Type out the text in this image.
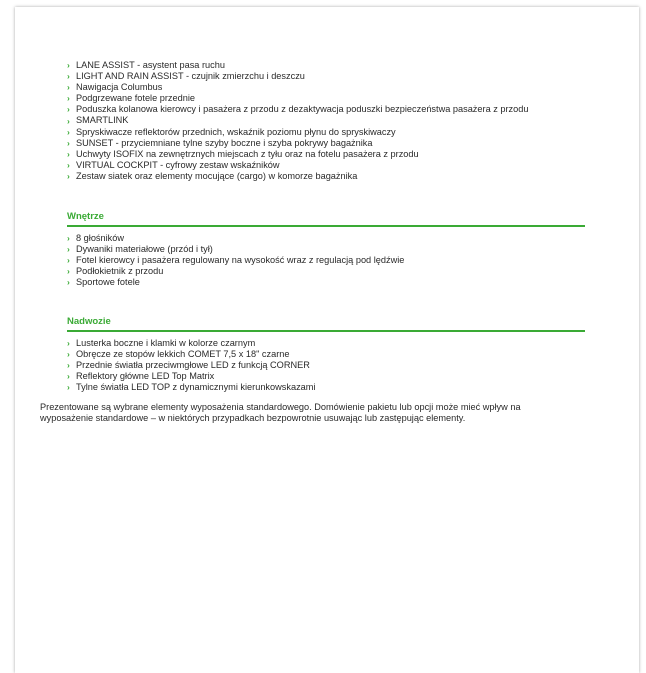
› LANE ASSIST - asystent pasa ruchu
› LIGHT AND RAIN ASSIST - czujnik zmierzchu i deszczu
› Nawigacja Columbus
› Podgrzewane fotele przednie
› Poduszka kolanowa kierowcy i pasażera z przodu z dezaktywacja poduszki bezpieczeństwa pasażera z przodu
› SMARTLINK
› Spryskiwacze reflektorów przednich, wskaźnik poziomu płynu do spryskiwaczy
› SUNSET - przyciemniane tylne szyby boczne i szyba pokrywy bagażnika
› Uchwyty ISOFIX na zewnętrznych miejscach z tyłu oraz na fotelu pasażera z przodu
› VIRTUAL COCKPIT - cyfrowy zestaw wskaźników
› Zestaw siatek oraz elementy mocujące (cargo) w komorze bagażnika
Wnętrze
› 8 głośników
› Dywaniki materiałowe (przód i tył)
› Fotel kierowcy i pasażera regulowany na wysokość wraz z regulacją pod lędźwie
› Podłokietnik z przodu
› Sportowe fotele
Nadwozie
› Lusterka boczne i klamki w kolorze czarnym
› Obręcze ze stopów lekkich COMET 7,5 x 18" czarne
› Przednie światła przeciwmgłowe LED z funkcją CORNER
› Reflektory główne LED Top Matrix
› Tylne światła LED TOP z dynamicznymi kierunkowskazami

Prezentowane są wybrane elementy wyposażenia standardowego. Domówienie pakietu lub opcji może mieć wpływ na wyposażenie standardowe – w niektórych przypadkach bezpowrotnie usuwając lub zastępując elementy.
